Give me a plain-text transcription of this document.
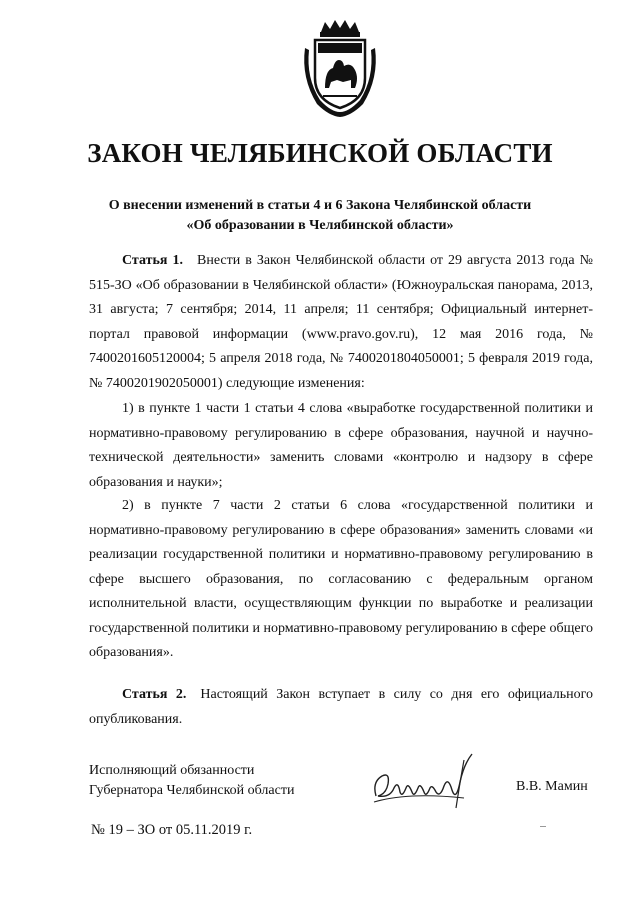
ЗАКОН ЧЕЛЯБИНСКОЙ ОБЛАСТИ
О внесении изменений в статьи 4 и 6 Закона Челябинской области
«Об образовании в Челябинской области»

Статья 1. Внести в Закон Челябинской области от 29 августа 2013 года № 515-ЗО «Об образовании в Челябинской области» (Южноуральская панорама, 2013, 31 августа; 7 сентября; 2014, 11 апреля; 11 сентября; Официальный интернет-портал правовой информации (www.pravo.gov.ru), 12 мая 2016 года, № 7400201605120004; 5 апреля 2018 года, № 7400201804050001; 5 февраля 2019 года, № 7400201902050001) следующие изменения:

1) в пункте 1 части 1 статьи 4 слова «выработке государственной политики и нормативно-правовому регулированию в сфере образования, научной и научно-технической деятельности» заменить словами «контролю и надзору в сфере образования и науки»;

2) в пункте 7 части 2 статьи 6 слова «государственной политики и нормативно-правовому регулированию в сфере образования» заменить словами «и реализации государственной политики и нормативно-правовому регулированию в сфере высшего образования, по согласованию с федеральным органом исполнительной власти, осуществляющим функции по выработке и реализации государственной политики и нормативно-правовому регулированию в сфере общего образования».

Статья 2. Настоящий Закон вступает в силу со дня его официального опубликования.

Исполняющий обязанности
Губернатора Челябинской области	В.В. Мамин
№ 19 – ЗО от 05.11.2019 г.
